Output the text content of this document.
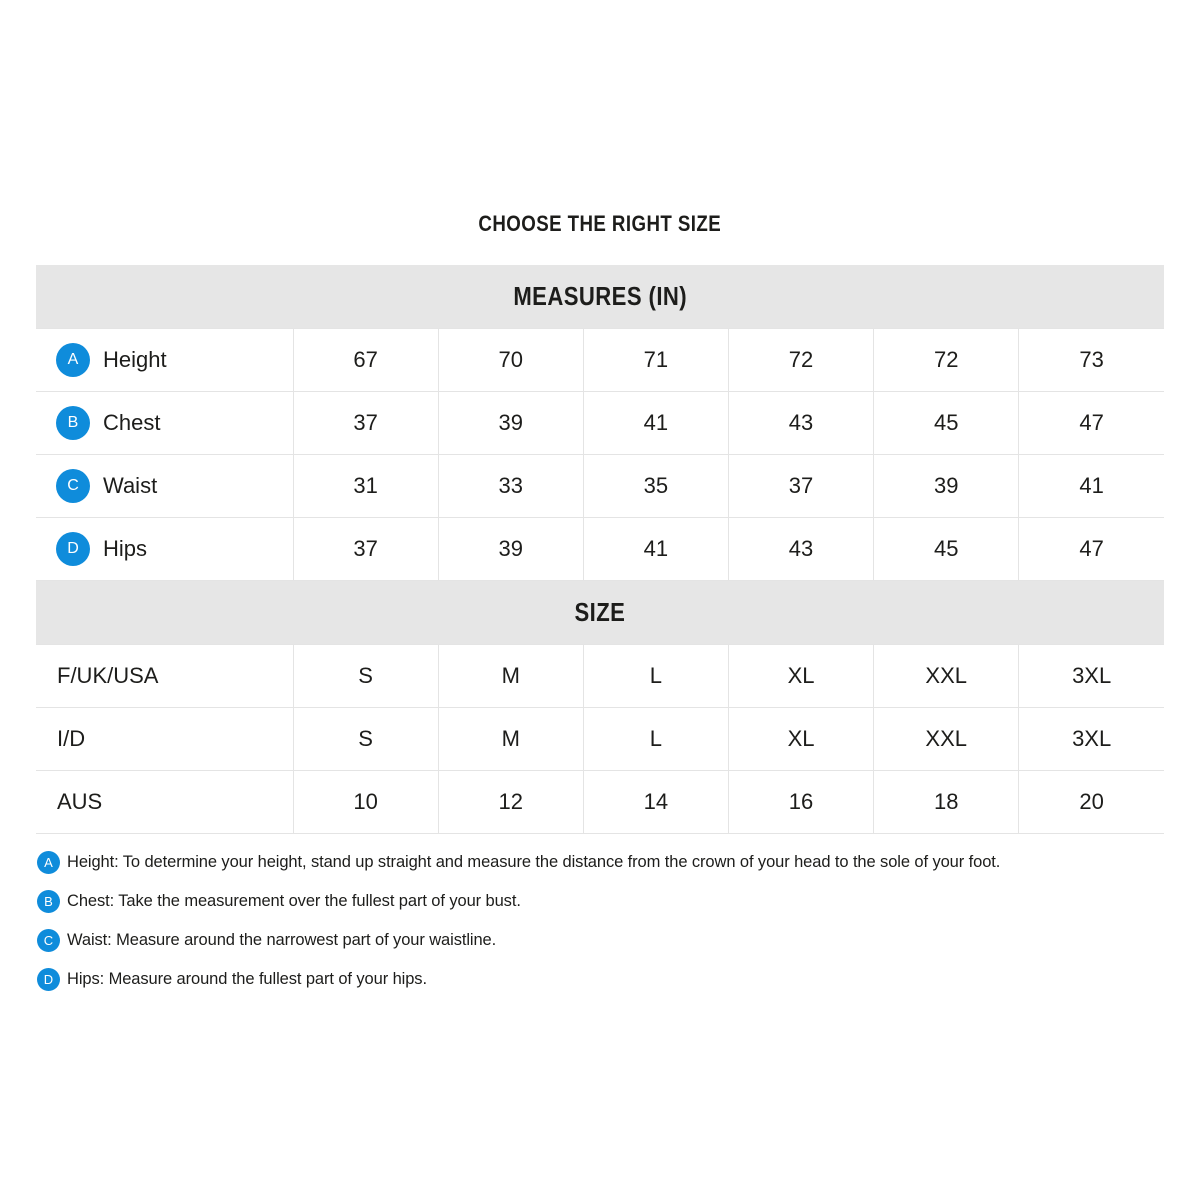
CHOOSE THE RIGHT SIZE
MEASURES (IN)						

A Height	67	70	71	72	72	73

B Chest	37	39	41	43	45	47

C Waist	31	33	35	37	39	41

D Hips	37	39	41	43	45	47
SIZE						
F/UK/USA	S	M	L	XL	XXL	3XL
I/D	S	M	L	XL	XXL	3XL
AUS	10	12	14	16	18	20
A Height: To determine your height, stand up straight and measure the distance from the crown of your head to the sole of your foot.
B Chest: Take the measurement over the fullest part of your bust.
C Waist: Measure around the narrowest part of your waistline.
D Hips: Measure around the fullest part of your hips.
